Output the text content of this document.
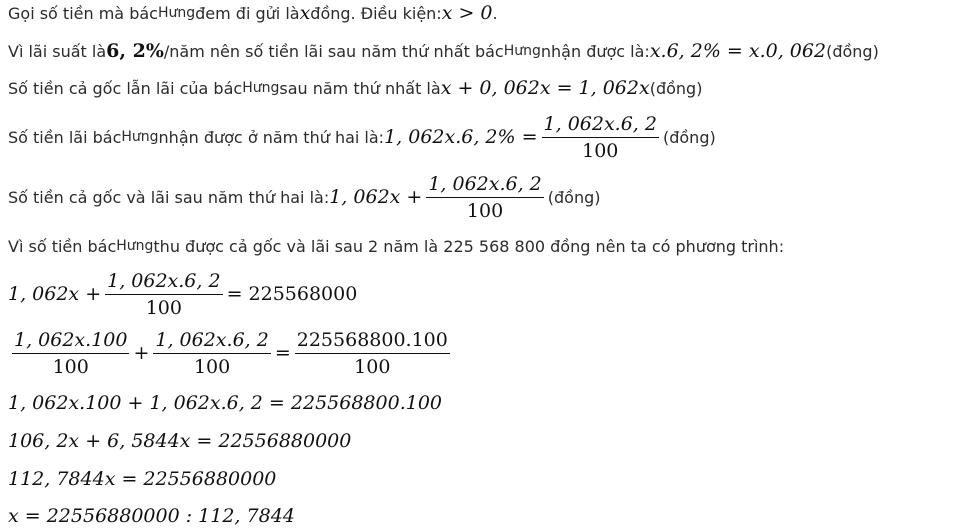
Gọi số tiền mà bác Hưng đem đi gửi là x đồng. Điều kiện: x > 0 .
Vì lãi suất là 6, 2% /năm nên số tiền lãi sau năm thứ nhất bác Hưng nhận được là: x.6, 2% = x.0, 062 (đồng)
Số tiền cả gốc lẫn lãi của bác Hưng sau năm thứ nhất là x + 0, 062x = 1, 062x (đồng)
Số tiền lãi bác Hưng nhận được ở năm thứ hai là: 1, 062x.6, $2\% = \frac{1, 062x.6, 2}{100}$ (đồng)
Số tiền cả gốc và lãi sau năm thứ hai là: 1, $062x + \frac{1, 062x.6, 2}{100}$ (đồng)
Vì số tiền bác Hưng thu được cả gốc và lãi sau 2 năm là 225 568 800 đồng nên ta có phương trình:
1, $062x + \frac{1, 062x.6, 2}{100} = 225568000$
$\frac{1, 062x.100}{100} + \frac{1, 062x.6, 2}{100} = \frac{225568800.100}{100}$
1, 062x.100 + 1, 062x.6, 2 = 225568800.100
106, 2x + 6, 5844x = 22556880000
112, 7844x = 22556880000
x = 22556880000 : 112, 7844
